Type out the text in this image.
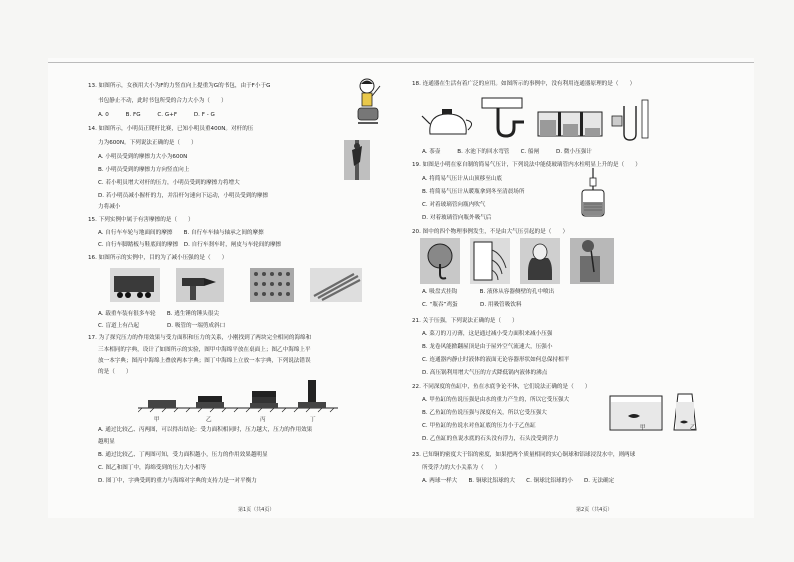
13. 如图所示，女孩用大小为F的力竖直向上提重为G的书包，由于F小于G
书包静止不动，此时书包所受的合力大小为（　　）
A. 0　　　B. FG　　　C. G+F　　　D. F - G
14. 如图所示，小明员正爬杆比赛，已知小明员重400N。对杆的压
力为600N。下列说法正确的是（　　）
A. 小明员受到的摩擦力大小为600N
B. 小明员受到的摩擦力方向竖直向上
C. 若小明员增大对杆的压力，小明员受到的摩擦力将增大
D. 若小明员减小握杆的力，并沿杆匀速向下运动，小明员受到的摩擦
力将减小
15. 下列实例中属于有害摩擦的是（　　）
A. 自行车车轮与地面间的摩擦　　B. 自行车车轴与轴承之间的摩擦
C. 自行车脚踏板与鞋底间的摩擦　D. 自行车刹车时，闸皮与车轮间的摩擦
16. 如图所示的实例中，目的为了减小压强的是（　　）
A. 载重车装有很多车轮　　B. 逃生锤的锤头很尖
C. 盲道上有凸起　　　　　D. 吸管的一端剪成斜口
17. 为了探究压力的作用效果与受力面积和压力的关系，小刚找到了两块完全相同的海绵和
三本相同的字典，设计了如图所示的实验，图甲中海绵平放在桌面上；图乙中海绵上平
放一本字典；图丙中海绵上叠放两本字典；图丁中海绵上立放一本字典，下列说法错误
的是（　　）
A. 通过比较乙、丙两图，可以得出结论：受力面积相同时，压力越大，压力的作用效果
越明显
B. 通过比较乙、丁两图可知，受力面积越小，压力的作用效果越明显
C. 图乙和图丁中，海绵受到的压力大小相等
D. 图丁中，字典受到的重力与海绵对字典的支持力是一对平衡力
甲	乙	丙	丁
18. 连通器在生活有着广泛的应用。如图所示的事例中，没有利用连通器原理的是（　　）
A. 茶壶　　　B. 水池下的回水弯管　　C. 船闸　　　D. 微小压强计
19. 如图是小明在家自制的简易气压计，下列说法中能使玻璃管内水柱明显上升的是（　　）
A. 将简易气压计从山顶移至山底
B. 将简易气压计从暖瓶拿到冬至清晨场所
C. 对着玻璃管向瓶内吹气
D. 对着玻璃管向瓶外吸气后
20. 图中的四个物理事例发生，不是由大气压引起的是（　　）
A. 吸盘式挂钩　　　　B. 液体从容器侧壁的孔中喷出
C. “瓶吞”鸡蛋　　　　D. 用吸管吸饮料
21. 关于压强，下列说法正确的是（　　）
A. 菜刀的刀刃薄，这是通过减小受力面积来减小压强
B. 龙卷风能掀翻屋顶是由于屋外空气流速大，压强小
C. 连通器内静止时液体的液面无论容器形状如何总保持相平
D. 高压锅利用增大气压的方式降低锅内液体的沸点
22. 不同深度的鱼缸中，鱼在水底争论不休，它们说法正确的是（　　）
A. 甲鱼缸的鱼说压强是由水的重力产生的，所以它受压强大
B. 乙鱼缸的鱼说压强与深度有关，所以它受压强大
C. 甲鱼缸的鱼说水对鱼缸底的压力小于乙鱼缸
D. 乙鱼缸的鱼说水底的石头没有浮力，石头没受到浮力
23. 已知铜的密度大于铝的密度，如果把两个质量相同的实心铜球和铝球浸没水中，则两球
所受浮力的大小关系为（　　）
A. 两球一样大　　B. 铜球比铝球的大　　C. 铜球比铝球的小　　D. 无法确定
甲	乙
第1页（共4页）	第2页（共4页）
